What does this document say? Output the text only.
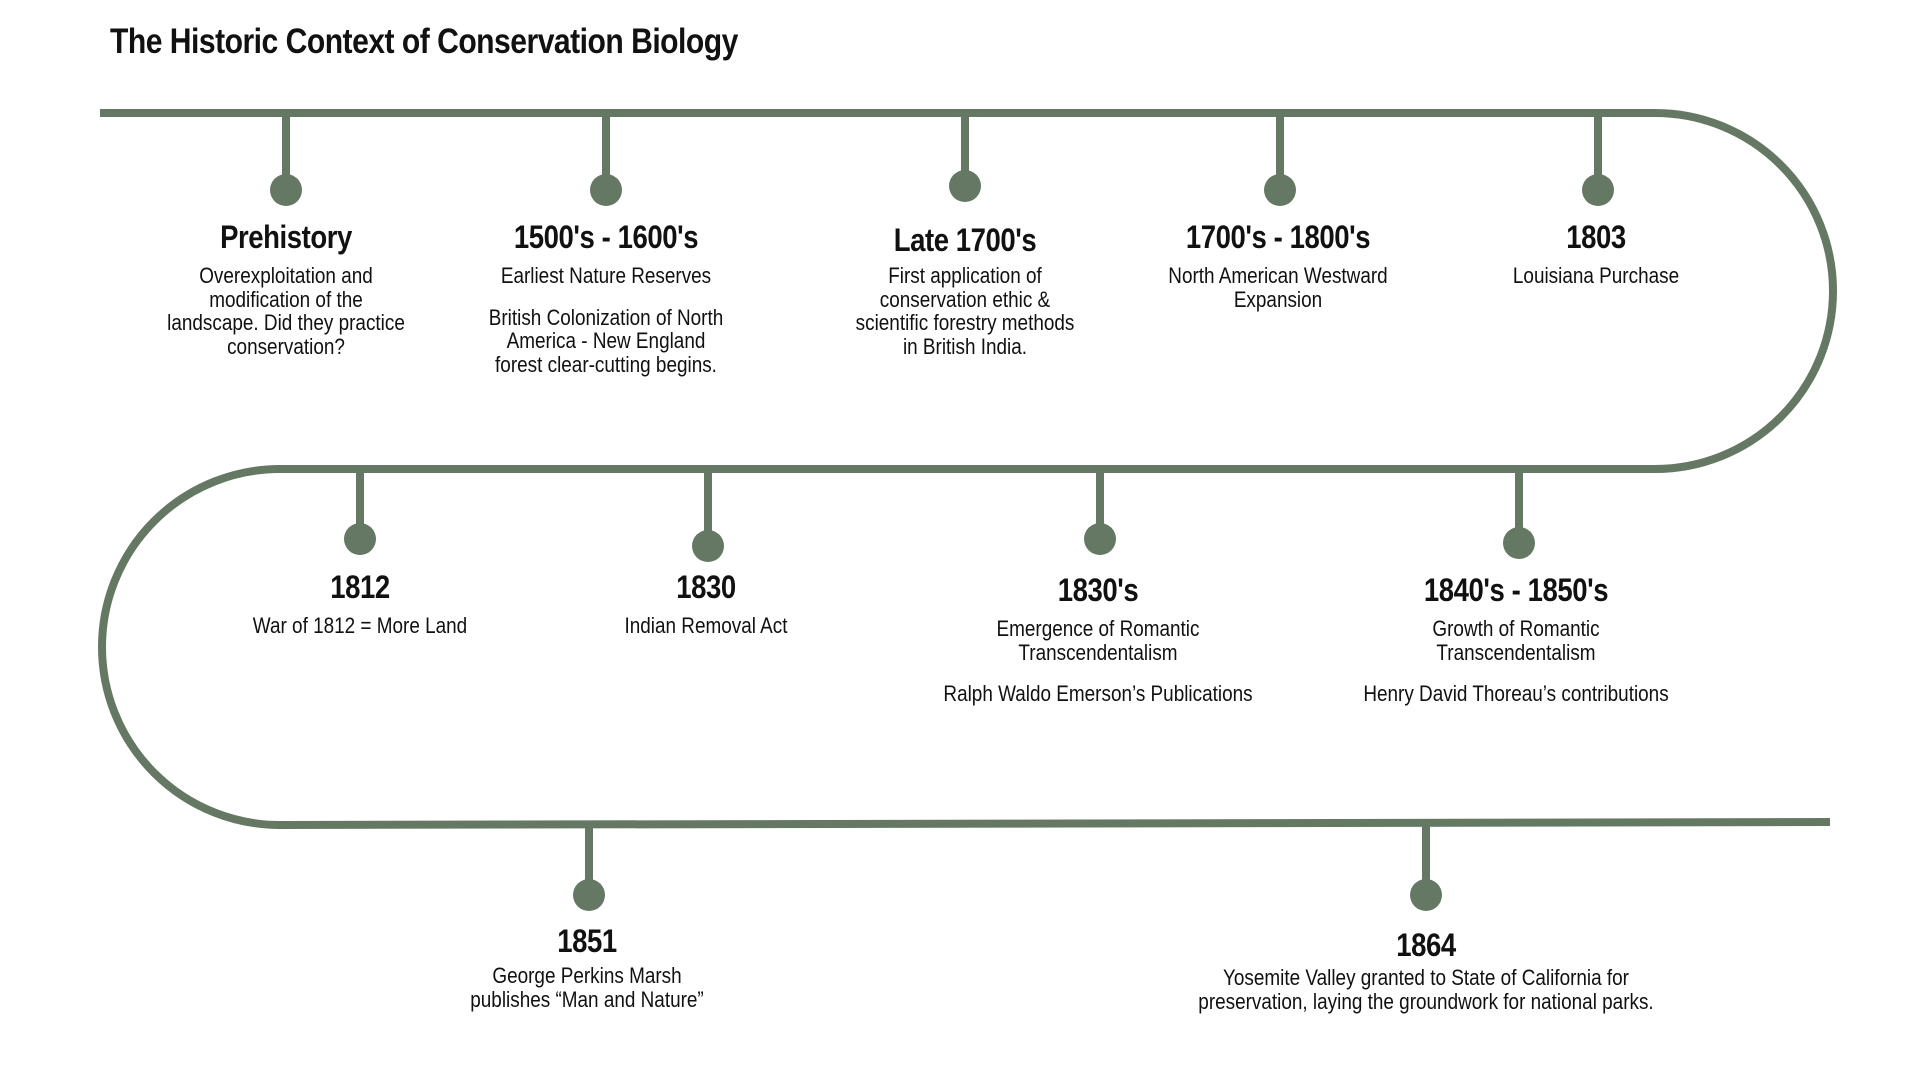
The Historic Context of Conservation Biology
Prehistory
Overexploitation and
modification of the
landscape. Did they practice
conservation?
1500's - 1600's
Earliest Nature Reserves
British Colonization of North
America - New England
forest clear-cutting begins.
Late 1700's
First application of
conservation ethic &
scientific forestry methods
in British India.
1700's - 1800's
North American Westward
Expansion
1803
Louisiana Purchase
1812
War of 1812 = More Land
1830
Indian Removal Act
1830's
Emergence of Romantic
Transcendentalism
Ralph Waldo Emerson’s Publications
1840's - 1850's
Growth of Romantic
Transcendentalism
Henry David Thoreau’s contributions
1851
George Perkins Marsh
publishes “Man and Nature”
1864
Yosemite Valley granted to State of California for
preservation, laying the groundwork for national parks.
